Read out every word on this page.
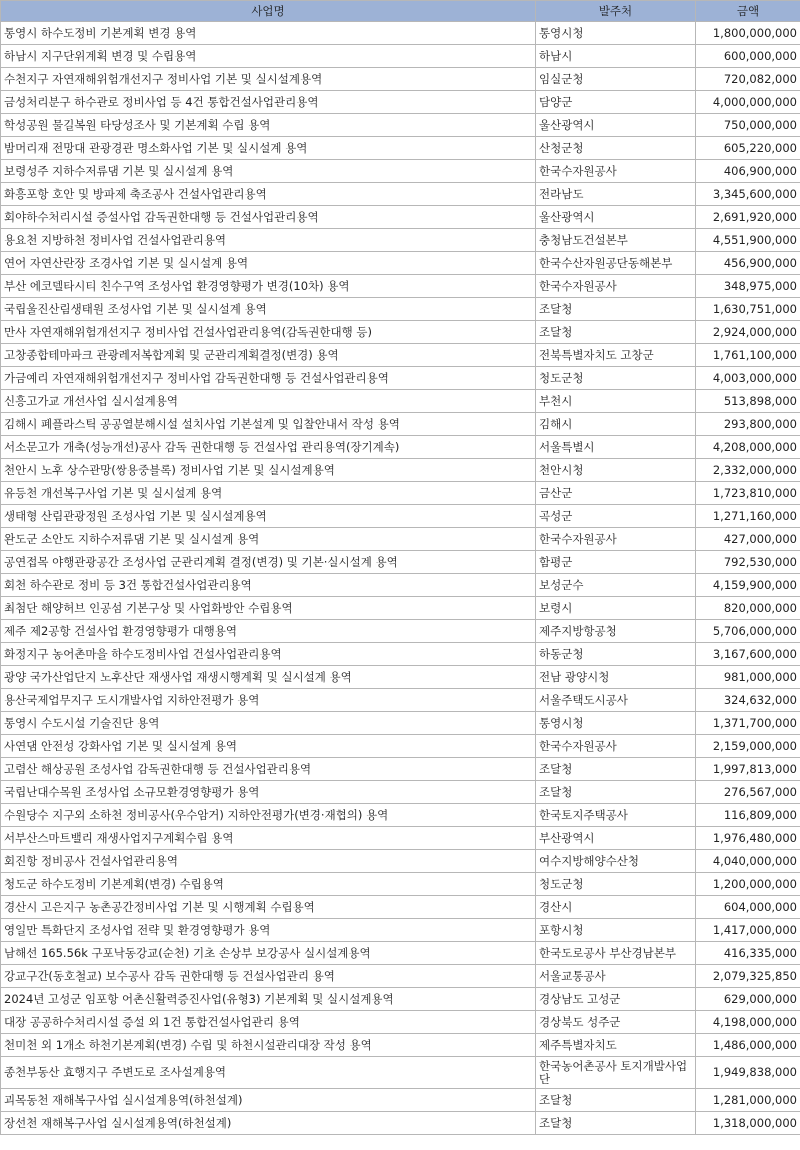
사업명	발주처	금액
통영시 하수도정비 기본계획 변경 용역	통영시청	1,800,000,000
하남시 지구단위계획 변경 및 수립용역	하남시	600,000,000
수천지구 자연재해위험개선지구 정비사업 기본 및 실시설계용역	임실군청	720,082,000
금성처리분구 하수관로 정비사업 등 4건 통합건설사업관리용역	담양군	4,000,000,000
학성공원 물길복원 타당성조사 및 기본계획 수립 용역	울산광역시	750,000,000
밤머리재 전망대 관광경관 명소화사업 기본 및 실시설계 용역	산청군청	605,220,000
보령성주 지하수저류댐 기본 및 실시설계 용역	한국수자원공사	406,900,000
화흥포항 호안 및 방파제 축조공사 건설사업관리용역	전라남도	3,345,600,000
회야하수처리시설 증설사업 감독권한대행 등 건설사업관리용역	울산광역시	2,691,920,000
용요천 지방하천 정비사업 건설사업관리용역	충청남도건설본부	4,551,900,000
연어 자연산란장 조경사업 기본 및 실시설계 용역	한국수산자원공단동해본부	456,900,000
부산 에코델타시티 친수구역 조성사업 환경영향평가 변경(10차) 용역	한국수자원공사	348,975,000
국립울진산림생태원 조성사업 기본 및 실시설계 용역	조달청	1,630,751,000
만사 자연재해위험개선지구 정비사업 건설사업관리용역(감독권한대행 등)	조달청	2,924,000,000
고창종합테마파크 관광레저복합계획 및 군관리계획결정(변경) 용역	전북특별자치도 고창군	1,761,100,000
가금예리 자연재해위험개선지구 정비사업 감독권한대행 등 건설사업관리용역	청도군청	4,003,000,000
신흥고가교 개선사업 실시설계용역	부천시	513,898,000
김해시 폐플라스틱 공공열분해시설 설치사업 기본설계 및 입찰안내서 작성 용역	김해시	293,800,000
서소문고가 개축(성능개선)공사 감독 권한대행 등 건설사업 관리용역(장기계속)	서울특별시	4,208,000,000
천안시 노후 상수관망(쌍용중블록) 정비사업 기본 및 실시설계용역	천안시청	2,332,000,000
유등천 개선복구사업 기본 및 실시설계 용역	금산군	1,723,810,000
생태형 산림관광정원 조성사업 기본 및 실시설계용역	곡성군	1,271,160,000
완도군 소안도 지하수저류댐 기본 및 실시설계 용역	한국수자원공사	427,000,000
공연접목 야행관광공간 조성사업 군관리계획 결정(변경) 및 기본·실시설계 용역	함평군	792,530,000
회천 하수관로 정비 등 3건 통합건설사업관리용역	보성군수	4,159,900,000
최첨단 해양허브 인공섬 기본구상 및 사업화방안 수립용역	보령시	820,000,000
제주 제2공항 건설사업 환경영향평가 대행용역	제주지방항공청	5,706,000,000
화정지구 농어촌마을 하수도정비사업 건설사업관리용역	하동군청	3,167,600,000
광양 국가산업단지 노후산단 재생사업 재생시행계획 및 실시설계 용역	전남 광양시청	981,000,000
용산국제업무지구 도시개발사업 지하안전평가 용역	서울주택도시공사	324,632,000
통영시 수도시설 기술진단 용역	통영시청	1,371,700,000
사연댐 안전성 강화사업 기본 및 실시설계 용역	한국수자원공사	2,159,000,000
고렴산 해상공원 조성사업 감독권한대행 등 건설사업관리용역	조달청	1,997,813,000
국립난대수목원 조성사업 소규모환경영향평가 용역	조달청	276,567,000
수원당수 지구외 소하천 정비공사(우수암거) 지하안전평가(변경·재협의) 용역	한국토지주택공사	116,809,000
서부산스마트밸리 재생사업지구계획수립 용역	부산광역시	1,976,480,000
회진항 정비공사 건설사업관리용역	여수지방해양수산청	4,040,000,000
청도군 하수도정비 기본계획(변경) 수립용역	청도군청	1,200,000,000
경산시 고은지구 농촌공간정비사업 기본 및 시행계획 수립용역	경산시	604,000,000
영일만 특화단지 조성사업 전략 및 환경영향평가 용역	포항시청	1,417,000,000
남해선 165.56k 구포낙동강교(순천) 기초 손상부 보강공사 실시설계용역	한국도로공사 부산경남본부	416,335,000
강교구간(동호철교) 보수공사 감독 권한대행 등 건설사업관리 용역	서울교통공사	2,079,325,850
2024년 고성군 임포항 어촌신활력증진사업(유형3) 기본계획 및 실시설계용역	경상남도 고성군	629,000,000
대장 공공하수처리시설 증설 외 1건 통합건설사업관리 용역	경상북도 성주군	4,198,000,000
천미천 외 1개소 하천기본계획(변경) 수립 및 하천시설관리대장 작성 용역	제주특별자치도	1,486,000,000
종천부동산 효행지구 주변도로 조사설계용역	한국농어촌공사 토지개발사업단	1,949,838,000
괴목동천 재해복구사업 실시설계용역(하천설계)	조달청	1,281,000,000
장선천 재해복구사업 실시설계용역(하천설계)	조달청	1,318,000,000
